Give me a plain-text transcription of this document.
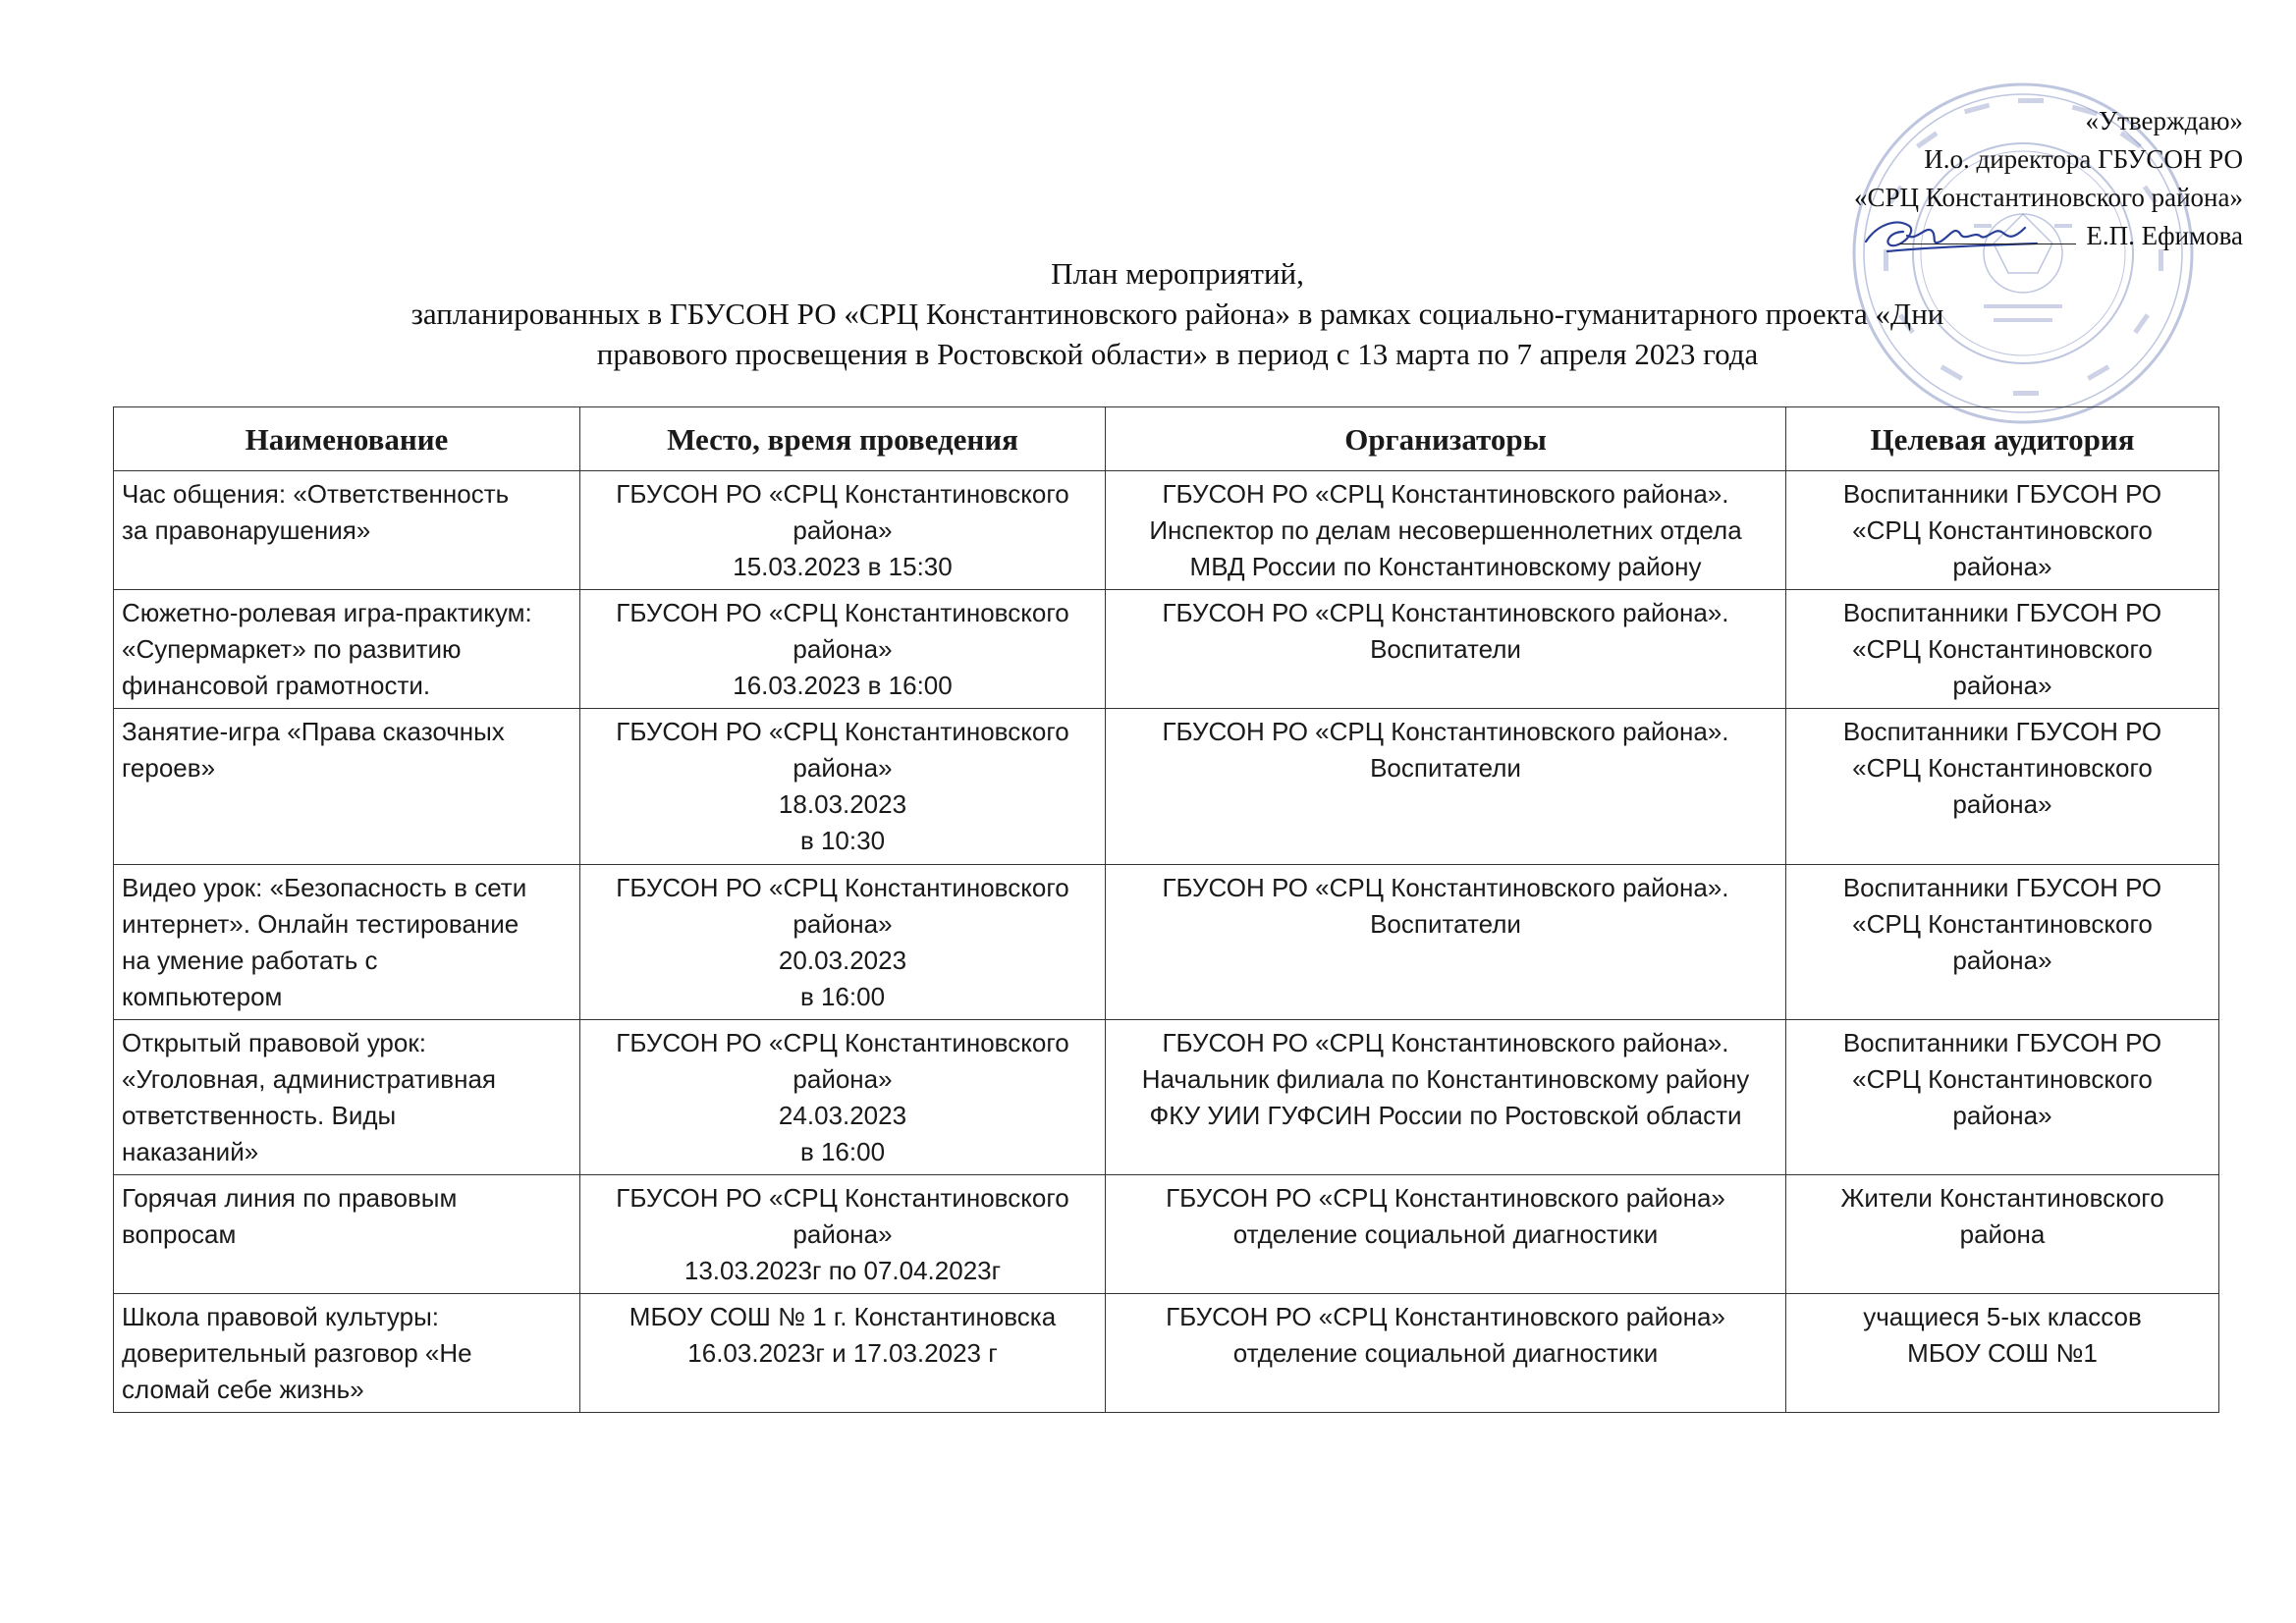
«Утверждаю»
И.о. директора ГБУСОН РО
«СРЦ Константиновского района»
Е.П. Ефимова
План мероприятий,
запланированных в ГБУСОН РО «СРЦ Константиновского района» в рамках социально-гуманитарного проекта «Дни
правового просвещения в Ростовской области» в период с 13 марта по 7 апреля 2023 года
Наименование	Место, время проведения	Организаторы	Целевая аудитория

Час общения: «Ответственность
за правонарушения»	ГБУСОН РО «СРЦ Константиновского
района»
15.03.2023 в 15:30	ГБУСОН РО «СРЦ Константиновского района».
Инспектор по делам несовершеннолетних отдела
МВД России по Константиновскому району	Воспитанники ГБУСОН РО
«СРЦ Константиновского
района»

Сюжетно-ролевая игра-практикум:
«Супермаркет» по развитию
финансовой грамотности.	ГБУСОН РО «СРЦ Константиновского
района»
16.03.2023 в 16:00	ГБУСОН РО «СРЦ Константиновского района».
Воспитатели	Воспитанники ГБУСОН РО
«СРЦ Константиновского
района»

Занятие-игра «Права сказочных
героев»	ГБУСОН РО «СРЦ Константиновского
района»
18.03.2023
в 10:30	ГБУСОН РО «СРЦ Константиновского района».
Воспитатели	Воспитанники ГБУСОН РО
«СРЦ Константиновского
района»

Видео урок: «Безопасность в сети
интернет». Онлайн тестирование
на умение работать с
компьютером	ГБУСОН РО «СРЦ Константиновского
района»
20.03.2023
в 16:00	ГБУСОН РО «СРЦ Константиновского района».
Воспитатели	Воспитанники ГБУСОН РО
«СРЦ Константиновского
района»

Открытый правовой урок:
«Уголовная, административная
ответственность. Виды
наказаний»	ГБУСОН РО «СРЦ Константиновского
района»
24.03.2023
в 16:00	ГБУСОН РО «СРЦ Константиновского района».
Начальник филиала по Константиновскому району
ФКУ УИИ ГУФСИН России по Ростовской области	Воспитанники ГБУСОН РО
«СРЦ Константиновского
района»

Горячая линия по правовым
вопросам	ГБУСОН РО «СРЦ Константиновского
района»
13.03.2023г по 07.04.2023г	ГБУСОН РО «СРЦ Константиновского района»
отделение социальной диагностики	Жители Константиновского
района

Школа правовой культуры:
доверительный разговор «Не
сломай себе жизнь»	МБОУ СОШ № 1 г. Константиновска
16.03.2023г и 17.03.2023 г	ГБУСОН РО «СРЦ Константиновского района»
отделение социальной диагностики	учащиеся 5-ых классов
МБОУ СОШ №1
